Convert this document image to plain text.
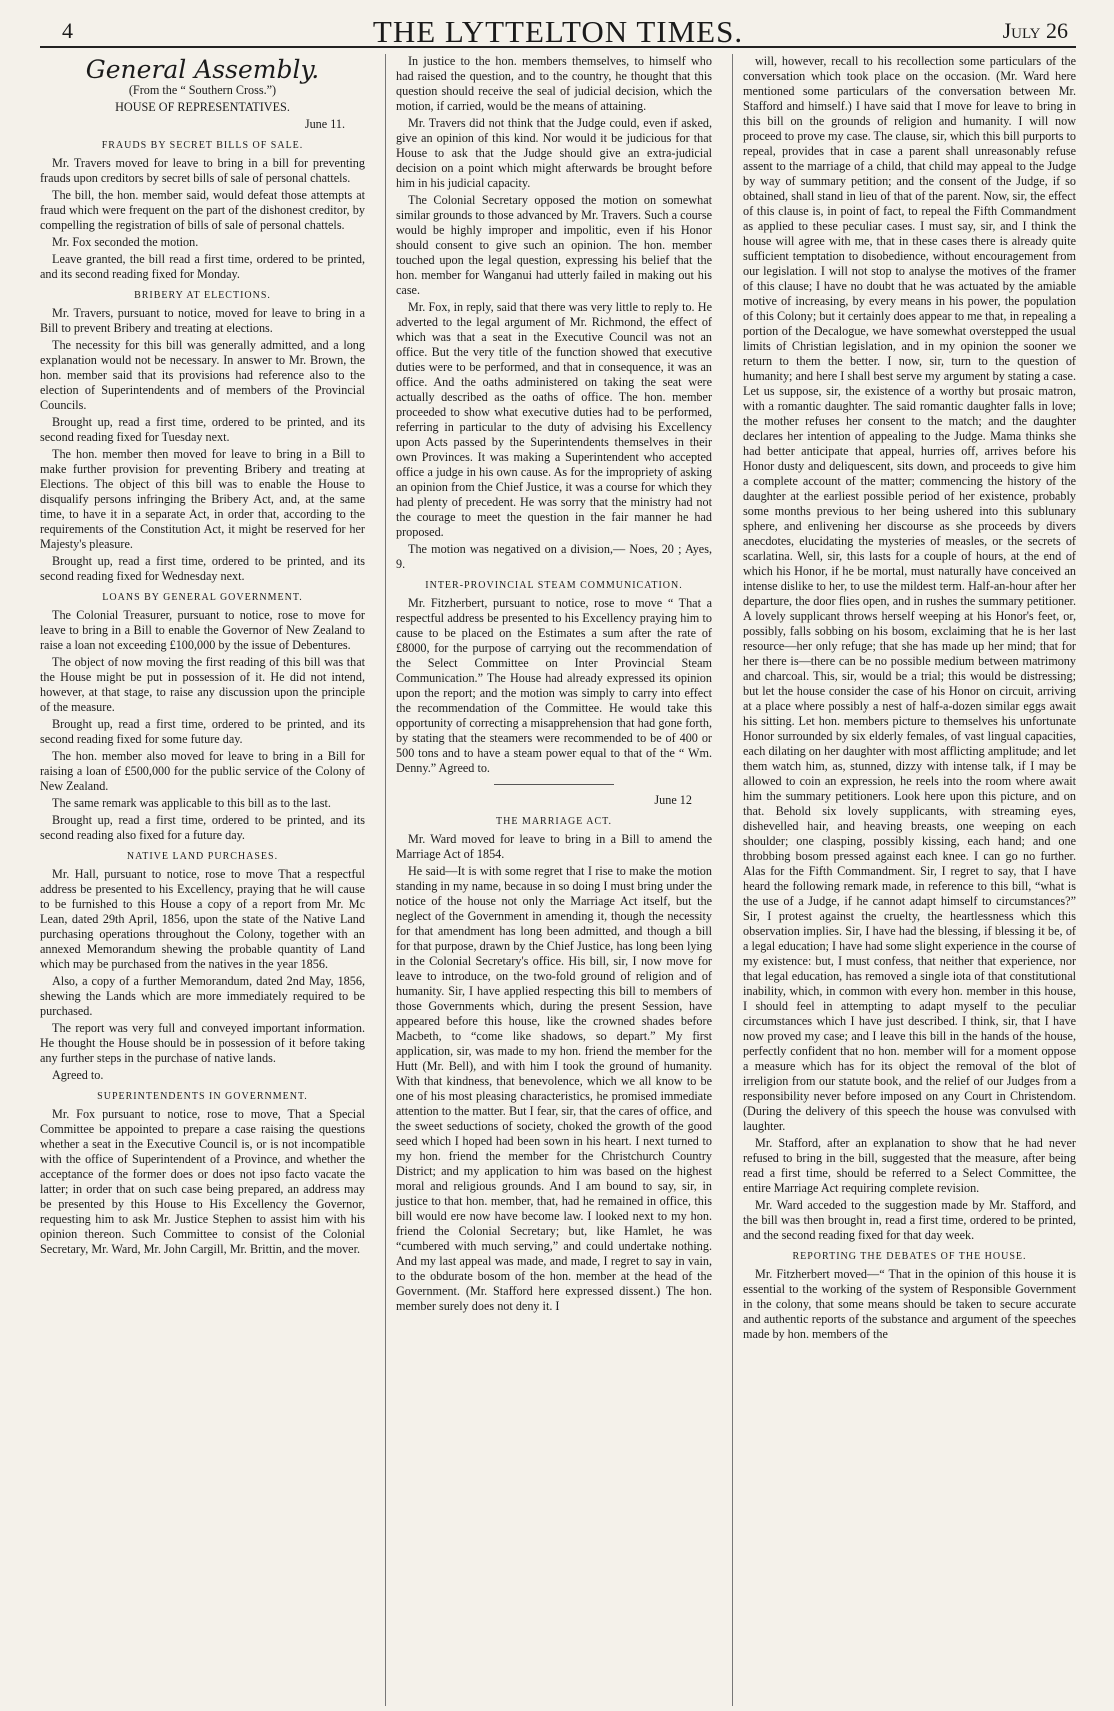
4	THE LYTTELTON TIMES.	July 26
General Assembly.

(From the “ Southern Cross.”)

HOUSE OF REPRESENTATIVES.

June 11.

FRAUDS BY SECRET BILLS OF SALE.

Mr. Travers moved for leave to bring in a bill for preventing frauds upon creditors by secret bills of sale of personal chattels.

The bill, the hon. member said, would defeat those attempts at fraud which were frequent on the part of the dishonest creditor, by compelling the registration of bills of sale of personal chattels.

Mr. Fox seconded the motion.

Leave granted, the bill read a first time, ordered to be printed, and its second reading fixed for Monday.

BRIBERY AT ELECTIONS.

Mr. Travers, pursuant to notice, moved for leave to bring in a Bill to prevent Bribery and treating at elections.

The necessity for this bill was generally admitted, and a long explanation would not be necessary. In answer to Mr. Brown, the hon. member said that its provisions had reference also to the election of Superintendents and of members of the Provincial Councils.

Brought up, read a first time, ordered to be printed, and its second reading fixed for Tuesday next.

The hon. member then moved for leave to bring in a Bill to make further provision for preventing Bribery and treating at Elections. The object of this bill was to enable the House to disqualify persons infringing the Bribery Act, and, at the same time, to have it in a separate Act, in order that, according to the requirements of the Constitution Act, it might be reserved for her Majesty's pleasure.

Brought up, read a first time, ordered to be printed, and its second reading fixed for Wednesday next.

LOANS BY GENERAL GOVERNMENT.

The Colonial Treasurer, pursuant to notice, rose to move for leave to bring in a Bill to enable the Governor of New Zealand to raise a loan not exceeding £100,000 by the issue of Debentures.

The object of now moving the first reading of this bill was that the House might be put in possession of it. He did not intend, however, at that stage, to raise any discussion upon the principle of the measure.

Brought up, read a first time, ordered to be printed, and its second reading fixed for some future day.

The hon. member also moved for leave to bring in a Bill for raising a loan of £500,000 for the public service of the Colony of New Zealand.

The same remark was applicable to this bill as to the last.

Brought up, read a first time, ordered to be printed, and its second reading also fixed for a future day.

NATIVE LAND PURCHASES.

Mr. Hall, pursuant to notice, rose to move That a respectful address be presented to his Excellency, praying that he will cause to be furnished to this House a copy of a report from Mr. Mc Lean, dated 29th April, 1856, upon the state of the Native Land purchasing operations throughout the Colony, together with an annexed Memorandum shewing the probable quantity of Land which may be purchased from the natives in the year 1856.

Also, a copy of a further Memorandum, dated 2nd May, 1856, shewing the Lands which are more immediately required to be purchased.

The report was very full and conveyed important information. He thought the House should be in possession of it before taking any further steps in the purchase of native lands.

Agreed to.

SUPERINTENDENTS IN GOVERNMENT.

Mr. Fox pursuant to notice, rose to move, That a Special Committee be appointed to prepare a case raising the questions whether a seat in the Executive Council is, or is not incompatible with the office of Superintendent of a Province, and whether the acceptance of the former does or does not ipso facto vacate the latter; in order that on such case being prepared, an address may be presented by this House to His Excellency the Governor, requesting him to ask Mr. Justice Stephen to assist him with his opinion thereon. Such Committee to consist of the Colonial Secretary, Mr. Ward, Mr. John Cargill, Mr. Brittin, and the mover.

In justice to the hon. members themselves, to himself who had raised the question, and to the country, he thought that this question should receive the seal of judicial decision, which the motion, if carried, would be the means of attaining.

Mr. Travers did not think that the Judge could, even if asked, give an opinion of this kind. Nor would it be judicious for that House to ask that the Judge should give an extra-judicial decision on a point which might afterwards be brought before him in his judicial capacity.

The Colonial Secretary opposed the motion on somewhat similar grounds to those advanced by Mr. Travers. Such a course would be highly improper and impolitic, even if his Honor should consent to give such an opinion. The hon. member touched upon the legal question, expressing his belief that the hon. member for Wanganui had utterly failed in making out his case.

Mr. Fox, in reply, said that there was very little to reply to. He adverted to the legal argument of Mr. Richmond, the effect of which was that a seat in the Executive Council was not an office. But the very title of the function showed that executive duties were to be performed, and that in consequence, it was an office. And the oaths administered on taking the seat were actually described as the oaths of office. The hon. member proceeded to show what executive duties had to be performed, referring in particular to the duty of advising his Excellency upon Acts passed by the Superintendents themselves in their own Provinces. It was making a Superintendent who accepted office a judge in his own cause. As for the impropriety of asking an opinion from the Chief Justice, it was a course for which they had plenty of precedent. He was sorry that the ministry had not the courage to meet the question in the fair manner he had proposed.

The motion was negatived on a division,— Noes, 20 ; Ayes, 9.

INTER-PROVINCIAL STEAM COMMUNICATION.

Mr. Fitzherbert, pursuant to notice, rose to move “ That a respectful address be presented to his Excellency praying him to cause to be placed on the Estimates a sum after the rate of £8000, for the purpose of carrying out the recommendation of the Select Committee on Inter Provincial Steam Communication.” The House had already expressed its opinion upon the report; and the motion was simply to carry into effect the recommendation of the Committee. He would take this opportunity of correcting a misapprehension that had gone forth, by stating that the steamers were recommended to be of 400 or 500 tons and to have a steam power equal to that of the “ Wm. Denny.” Agreed to.

June 12

THE MARRIAGE ACT.

Mr. Ward moved for leave to bring in a Bill to amend the Marriage Act of 1854.

He said—It is with some regret that I rise to make the motion standing in my name, because in so doing I must bring under the notice of the house not only the Marriage Act itself, but the neglect of the Government in amending it, though the necessity for that amendment has long been admitted, and though a bill for that purpose, drawn by the Chief Justice, has long been lying in the Colonial Secretary's office. His bill, sir, I now move for leave to introduce, on the two-fold ground of religion and of humanity. Sir, I have applied respecting this bill to members of those Governments which, during the present Session, have appeared before this house, like the crowned shades before Macbeth, to “come like shadows, so depart.” My first application, sir, was made to my hon. friend the member for the Hutt (Mr. Bell), and with him I took the ground of humanity. With that kindness, that benevolence, which we all know to be one of his most pleasing characteristics, he promised immediate attention to the matter. But I fear, sir, that the cares of office, and the sweet seductions of society, choked the growth of the good seed which I hoped had been sown in his heart. I next turned to my hon. friend the member for the Christchurch Country District; and my application to him was based on the highest moral and religious grounds. And I am bound to say, sir, in justice to that hon. member, that, had he remained in office, this bill would ere now have become law. I looked next to my hon. friend the Colonial Secretary; but, like Hamlet, he was “cumbered with much serving,” and could undertake nothing. And my last appeal was made, and made, I regret to say in vain, to the obdurate bosom of the hon. member at the head of the Government. (Mr. Stafford here expressed dissent.) The hon. member surely does not deny it. I

will, however, recall to his recollection some particulars of the conversation which took place on the occasion. (Mr. Ward here mentioned some particulars of the conversation between Mr. Stafford and himself.) I have said that I move for leave to bring in this bill on the grounds of religion and humanity. I will now proceed to prove my case. The clause, sir, which this bill purports to repeal, provides that in case a parent shall unreasonably refuse assent to the marriage of a child, that child may appeal to the Judge by way of summary petition; and the consent of the Judge, if so obtained, shall stand in lieu of that of the parent. Now, sir, the effect of this clause is, in point of fact, to repeal the Fifth Commandment as applied to these peculiar cases. I must say, sir, and I think the house will agree with me, that in these cases there is already quite sufficient temptation to disobedience, without encouragement from our legislation. I will not stop to analyse the motives of the framer of this clause; I have no doubt that he was actuated by the amiable motive of increasing, by every means in his power, the population of this Colony; but it certainly does appear to me that, in repealing a portion of the Decalogue, we have somewhat overstepped the usual limits of Christian legislation, and in my opinion the sooner we return to them the better. I now, sir, turn to the question of humanity; and here I shall best serve my argument by stating a case. Let us suppose, sir, the existence of a worthy but prosaic matron, with a romantic daughter. The said romantic daughter falls in love; the mother refuses her consent to the match; and the daughter declares her intention of appealing to the Judge. Mama thinks she had better anticipate that appeal, hurries off, arrives before his Honor dusty and deliquescent, sits down, and proceeds to give him a complete account of the matter; commencing the history of the daughter at the earliest possible period of her existence, probably some months previous to her being ushered into this sublunary sphere, and enlivening her discourse as she proceeds by divers anecdotes, elucidating the mysteries of measles, or the secrets of scarlatina. Well, sir, this lasts for a couple of hours, at the end of which his Honor, if he be mortal, must naturally have conceived an intense dislike to her, to use the mildest term. Half-an-hour after her departure, the door flies open, and in rushes the summary petitioner. A lovely supplicant throws herself weeping at his Honor's feet, or, possibly, falls sobbing on his bosom, exclaiming that he is her last resource—her only refuge; that she has made up her mind; that for her there is—there can be no possible medium between matrimony and charcoal. This, sir, would be a trial; this would be distressing; but let the house consider the case of his Honor on circuit, arriving at a place where possibly a nest of half-a-dozen similar eggs await his sitting. Let hon. members picture to themselves his unfortunate Honor surrounded by six elderly females, of vast lingual capacities, each dilating on her daughter with most afflicting amplitude; and let them watch him, as, stunned, dizzy with intense talk, if I may be allowed to coin an expression, he reels into the room where await him the summary petitioners. Look here upon this picture, and on that. Behold six lovely supplicants, with streaming eyes, dishevelled hair, and heaving breasts, one weeping on each shoulder; one clasping, possibly kissing, each hand; and one throbbing bosom pressed against each knee. I can go no further. Alas for the Fifth Commandment. Sir, I regret to say, that I have heard the following remark made, in reference to this bill, “what is the use of a Judge, if he cannot adapt himself to circumstances?” Sir, I protest against the cruelty, the heartlessness which this observation implies. Sir, I have had the blessing, if blessing it be, of a legal education; I have had some slight experience in the course of my existence: but, I must confess, that neither that experience, nor that legal education, has removed a single iota of that constitutional inability, which, in common with every hon. member in this house, I should feel in attempting to adapt myself to the peculiar circumstances which I have just described. I think, sir, that I have now proved my case; and I leave this bill in the hands of the house, perfectly confident that no hon. member will for a moment oppose a measure which has for its object the removal of the blot of irreligion from our statute book, and the relief of our Judges from a responsibility never before imposed on any Court in Christendom. (During the delivery of this speech the house was convulsed with laughter.

Mr. Stafford, after an explanation to show that he had never refused to bring in the bill, suggested that the measure, after being read a first time, should be referred to a Select Committee, the entire Marriage Act requiring complete revision.

Mr. Ward acceded to the suggestion made by Mr. Stafford, and the bill was then brought in, read a first time, ordered to be printed, and the second reading fixed for that day week.

REPORTING THE DEBATES OF THE HOUSE.

Mr. Fitzherbert moved—“ That in the opinion of this house it is essential to the working of the system of Responsible Government in the colony, that some means should be taken to secure accurate and authentic reports of the substance and argument of the speeches made by hon. members of the
